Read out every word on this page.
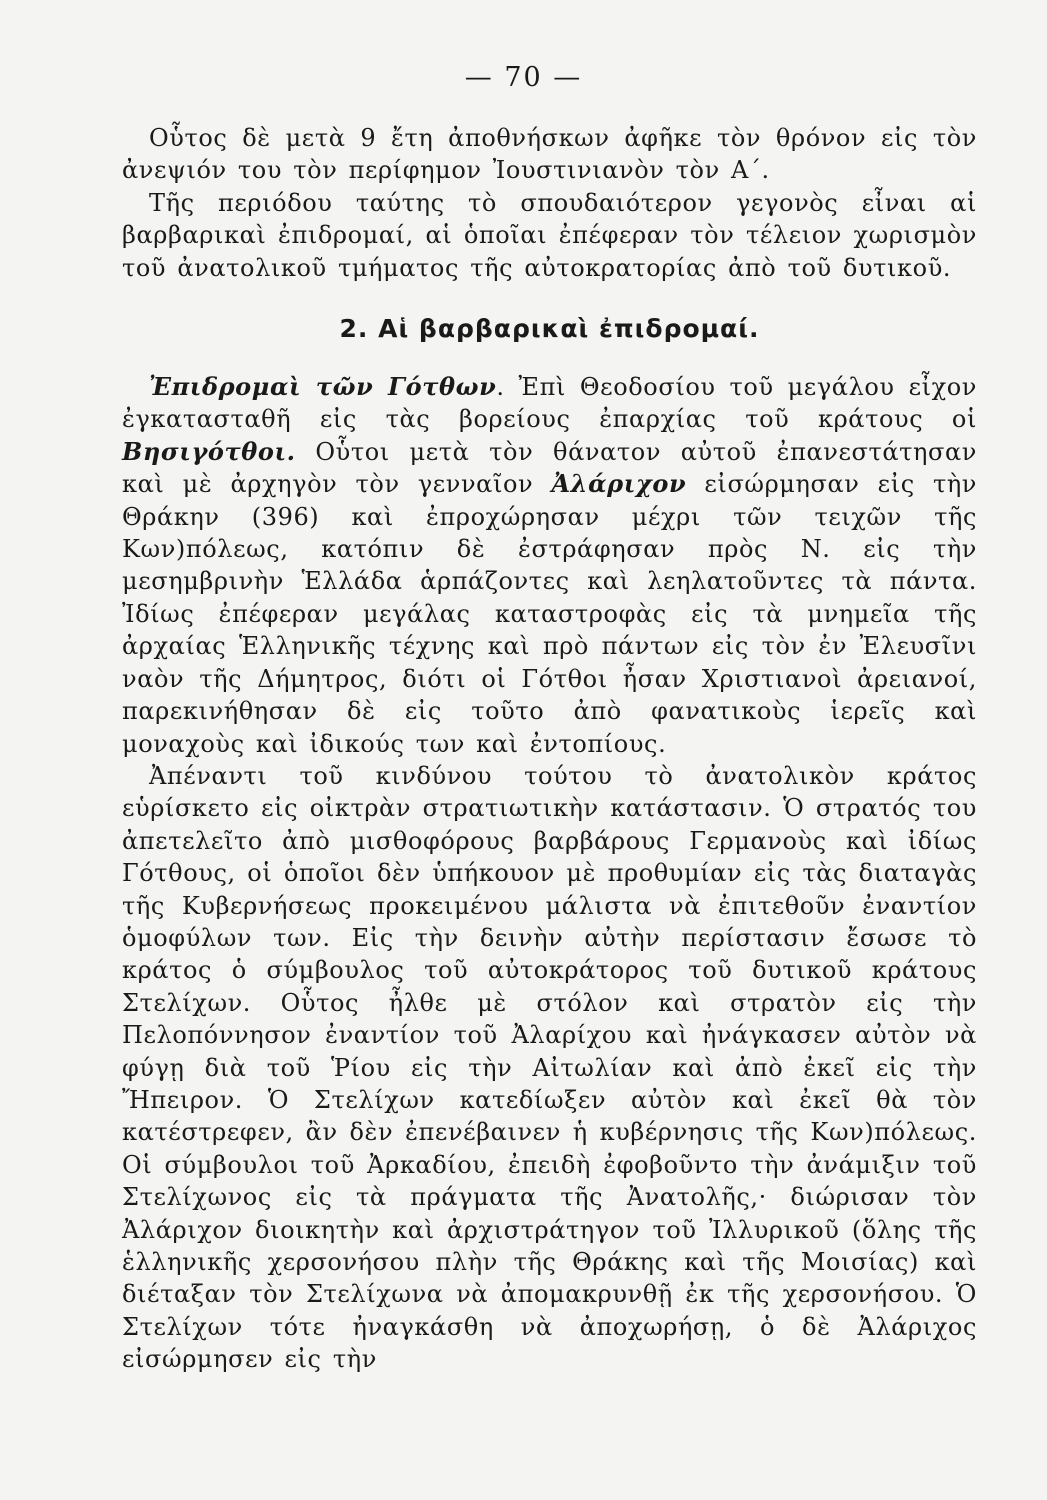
— 70 —

Οὗτος δὲ μετὰ 9 ἔτη ἀποθνήσκων ἀφῆκε τὸν θρόνον εἰς τὸν ἀνεψιόν του τὸν περίφημον Ἰουστινιανὸν τὸν Α΄.

Τῆς περιόδου ταύτης τὸ σπουδαιότερον γεγονὸς εἶναι αἱ βαρβαρικαὶ ἐπιδρομαί, αἱ ὁποῖαι ἐπέφεραν τὸν τέλειον χωρισμὸν τοῦ ἀνατολικοῦ τμήματος τῆς αὐτοκρατορίας ἀπὸ τοῦ δυτικοῦ.

2. Αἱ βαρβαρικαὶ ἐπιδρομαί.

Ἐπιδρομαὶ τῶν Γότθων. Ἐπὶ Θεοδοσίου τοῦ μεγάλου εἶχον ἐγκατασταθῆ εἰς τὰς βορείους ἐπαρχίας τοῦ κράτους οἱ Βησιγότθοι. Οὗτοι μετὰ τὸν θάνατον αὐτοῦ ἐπανεστάτησαν καὶ μὲ ἀρχηγὸν τὸν γενναῖον Ἀλάριχον εἰσώρμησαν εἰς τὴν Θράκην (396) καὶ ἐπροχώρησαν μέχρι τῶν τειχῶν τῆς Κων)πόλεως, κατόπιν δὲ ἐστράφησαν πρὸς Ν. εἰς τὴν μεσημβρινὴν Ἑλλάδα ἁρπάζοντες καὶ λεηλατοῦντες τὰ πάντα. Ἰδίως ἐπέφεραν μεγάλας καταστροφὰς εἰς τὰ μνημεῖα τῆς ἀρχαίας Ἑλληνικῆς τέχνης καὶ πρὸ πάντων εἰς τὸν ἐν Ἐλευσῖνι ναὸν τῆς Δήμητρος, διότι οἱ Γότθοι ἦσαν Χριστιανοὶ ἀρειανοί, παρεκινήθησαν δὲ εἰς τοῦτο ἀπὸ φανατικοὺς ἱερεῖς καὶ μοναχοὺς καὶ ἰδικούς των καὶ ἐντοπίους.

Ἀπέναντι τοῦ κινδύνου τούτου τὸ ἀνατολικὸν κράτος εὑρίσκετο εἰς οἰκτρὰν στρατιωτικὴν κατάστασιν. Ὁ στρατός του ἀπετελεῖτο ἀπὸ μισθοφόρους βαρβάρους Γερμανοὺς καὶ ἰδίως Γότθους, οἱ ὁποῖοι δὲν ὑπήκουον μὲ προθυμίαν εἰς τὰς διαταγὰς τῆς Κυβερνήσεως προκειμένου μάλιστα νὰ ἐπιτεθοῦν ἐναντίον ὁμοφύλων των. Εἰς τὴν δεινὴν αὐτὴν περίστασιν ἔσωσε τὸ κράτος ὁ σύμβουλος τοῦ αὐτοκράτορος τοῦ δυτικοῦ κράτους Στελίχων. Οὗτος ἦλθε μὲ στόλον καὶ στρατὸν εἰς τὴν Πελοπόννησον ἐναντίον τοῦ Ἀλαρίχου καὶ ἠνάγκασεν αὐτὸν νὰ φύγῃ διὰ τοῦ Ῥίου εἰς τὴν Αἰτωλίαν καὶ ἀπὸ ἐκεῖ εἰς τὴν Ἤπειρον. Ὁ Στελίχων κατεδίωξεν αὐτὸν καὶ ἐκεῖ θὰ τὸν κατέστρεφεν, ἂν δὲν ἐπενέβαινεν ἡ κυβέρνησις τῆς Κων)πόλεως. Οἱ σύμβουλοι τοῦ Ἀρκαδίου, ἐπειδὴ ἐφοβοῦντο τὴν ἀνάμιξιν τοῦ Στελίχωνος εἰς τὰ πράγματα τῆς Ἀνατολῆς,· διώρισαν τὸν Ἀλάριχον διοικητὴν καὶ ἀρχιστράτηγον τοῦ Ἰλλυρικοῦ (ὅλης τῆς ἑλληνικῆς χερσονήσου πλὴν τῆς Θράκης καὶ τῆς Μοισίας) καὶ διέταξαν τὸν Στελίχωνα νὰ ἀπομακρυνθῇ ἐκ τῆς χερσονήσου. Ὁ Στελίχων τότε ἠναγκάσθη νὰ ἀποχωρήσῃ, ὁ δὲ Ἀλάριχος εἰσώρμησεν εἰς τὴν
